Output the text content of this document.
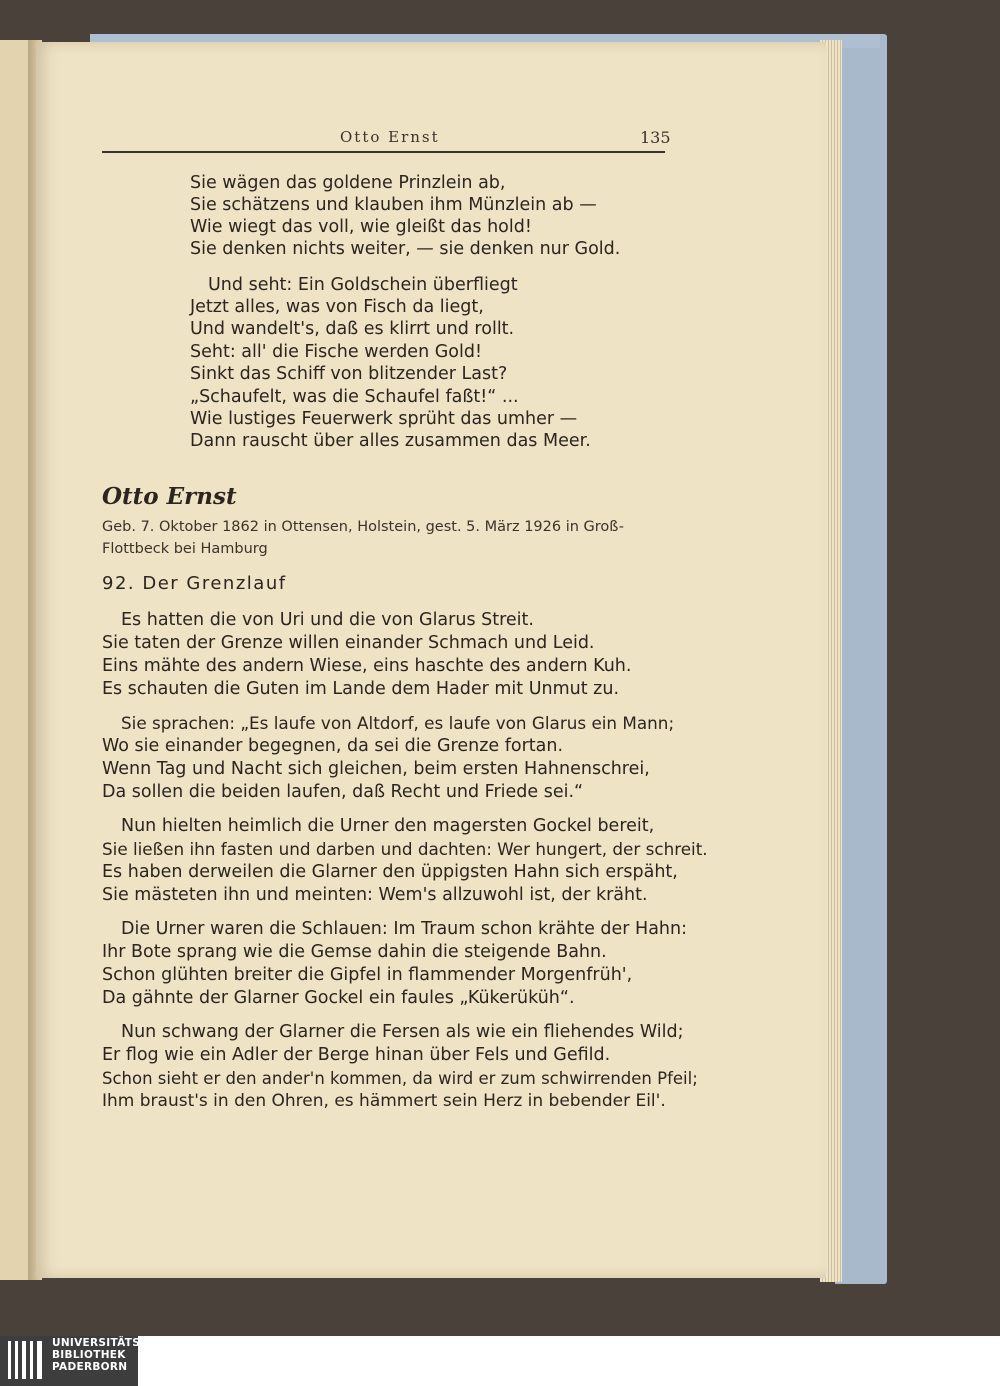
Otto Ernst	135
Sie wägen das goldene Prinzlein ab,
Sie schätzens und klauben ihm Münzlein ab —
Wie wiegt das voll, wie gleißt das hold!
Sie denken nichts weiter, — sie denken nur Gold.
Und seht: Ein Goldschein überfliegt
Jetzt alles, was von Fisch da liegt,
Und wandelt's, daß es klirrt und rollt.
Seht: all' die Fische werden Gold!
Sinkt das Schiff von blitzender Last?
„Schaufelt, was die Schaufel faßt!“ ...
Wie lustiges Feuerwerk sprüht das umher —
Dann rauscht über alles zusammen das Meer.
Otto Ernst
Geb. 7. Oktober 1862 in Ottensen, Holstein, gest. 5. März 1926 in Groß-
Flottbeck bei Hamburg
92. Der Grenzlauf
Es hatten die von Uri und die von Glarus Streit.
Sie taten der Grenze willen einander Schmach und Leid.
Eins mähte des andern Wiese, eins haschte des andern Kuh.
Es schauten die Guten im Lande dem Hader mit Unmut zu.
Sie sprachen: „Es laufe von Altdorf, es laufe von Glarus ein Mann;
Wo sie einander begegnen, da sei die Grenze fortan.
Wenn Tag und Nacht sich gleichen, beim ersten Hahnenschrei,
Da sollen die beiden laufen, daß Recht und Friede sei.“
Nun hielten heimlich die Urner den magersten Gockel bereit,
Sie ließen ihn fasten und darben und dachten: Wer hungert, der schreit.
Es haben derweilen die Glarner den üppigsten Hahn sich erspäht,
Sie mästeten ihn und meinten: Wem's allzuwohl ist, der kräht.
Die Urner waren die Schlauen: Im Traum schon krähte der Hahn:
Ihr Bote sprang wie die Gemse dahin die steigende Bahn.
Schon glühten breiter die Gipfel in flammender Morgenfrüh',
Da gähnte der Glarner Gockel ein faules „Kükerüküh“.
Nun schwang der Glarner die Fersen als wie ein fliehendes Wild;
Er flog wie ein Adler der Berge hinan über Fels und Gefild.
Schon sieht er den ander'n kommen, da wird er zum schwirrenden Pfeil;
Ihm braust's in den Ohren, es hämmert sein Herz in bebender Eil'.
UNIVERSITÄTS-
BIBLIOTHEK
PADERBORN
